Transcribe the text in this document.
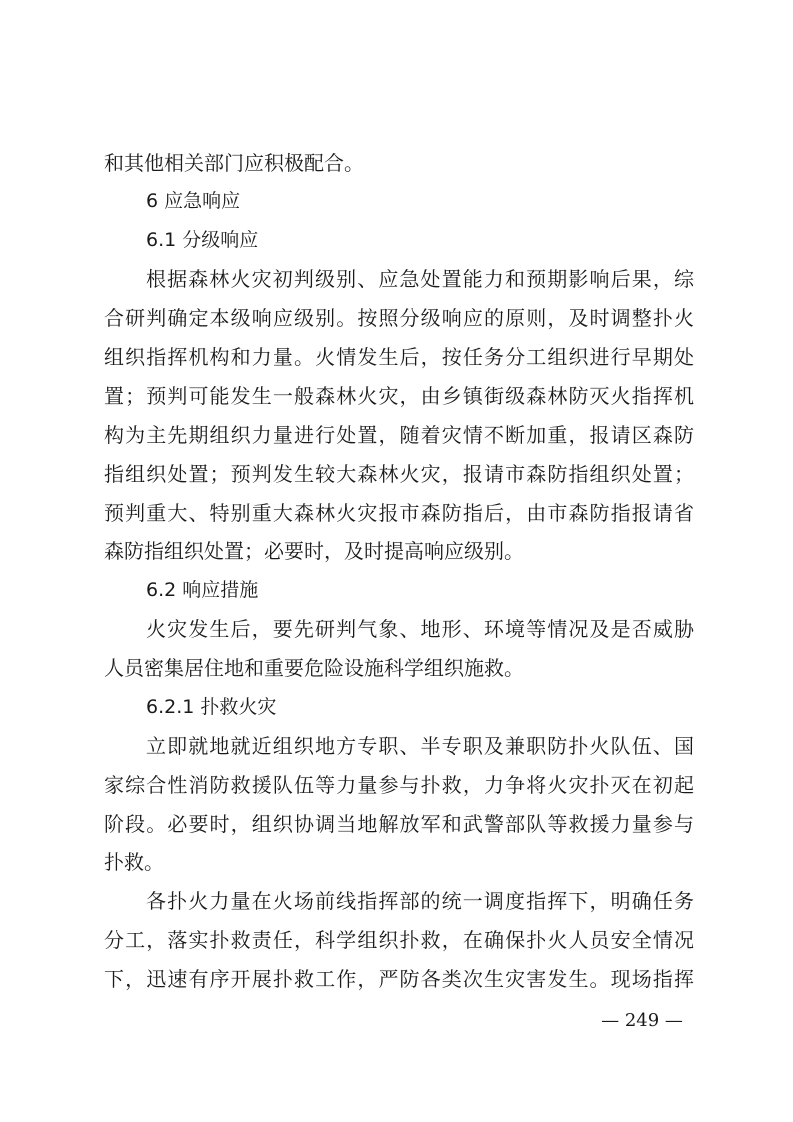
和其他相关部门应积极配合。
6 应急响应
6.1 分级响应
根据森林火灾初判级别、应急处置能力和预期影响后果，综
合研判确定本级响应级别。按照分级响应的原则，及时调整扑火
组织指挥机构和力量。火情发生后，按任务分工组织进行早期处
置；预判可能发生一般森林火灾，由乡镇街级森林防灭火指挥机
构为主先期组织力量进行处置，随着灾情不断加重，报请区森防
指组织处置；预判发生较大森林火灾，报请市森防指组织处置；
预判重大、特别重大森林火灾报市森防指后，由市森防指报请省
森防指组织处置；必要时，及时提高响应级别。
6.2 响应措施
火灾发生后，要先研判气象、地形、环境等情况及是否威胁
人员密集居住地和重要危险设施科学组织施救。
6.2.1 扑救火灾
立即就地就近组织地方专职、半专职及兼职防扑火队伍、国
家综合性消防救援队伍等力量参与扑救，力争将火灾扑灭在初起
阶段。必要时，组织协调当地解放军和武警部队等救援力量参与
扑救。
各扑火力量在火场前线指挥部的统一调度指挥下，明确任务
分工，落实扑救责任，科学组织扑救，在确保扑火人员安全情况
下，迅速有序开展扑救工作，严防各类次生灾害发生。现场指挥
— 249 —
